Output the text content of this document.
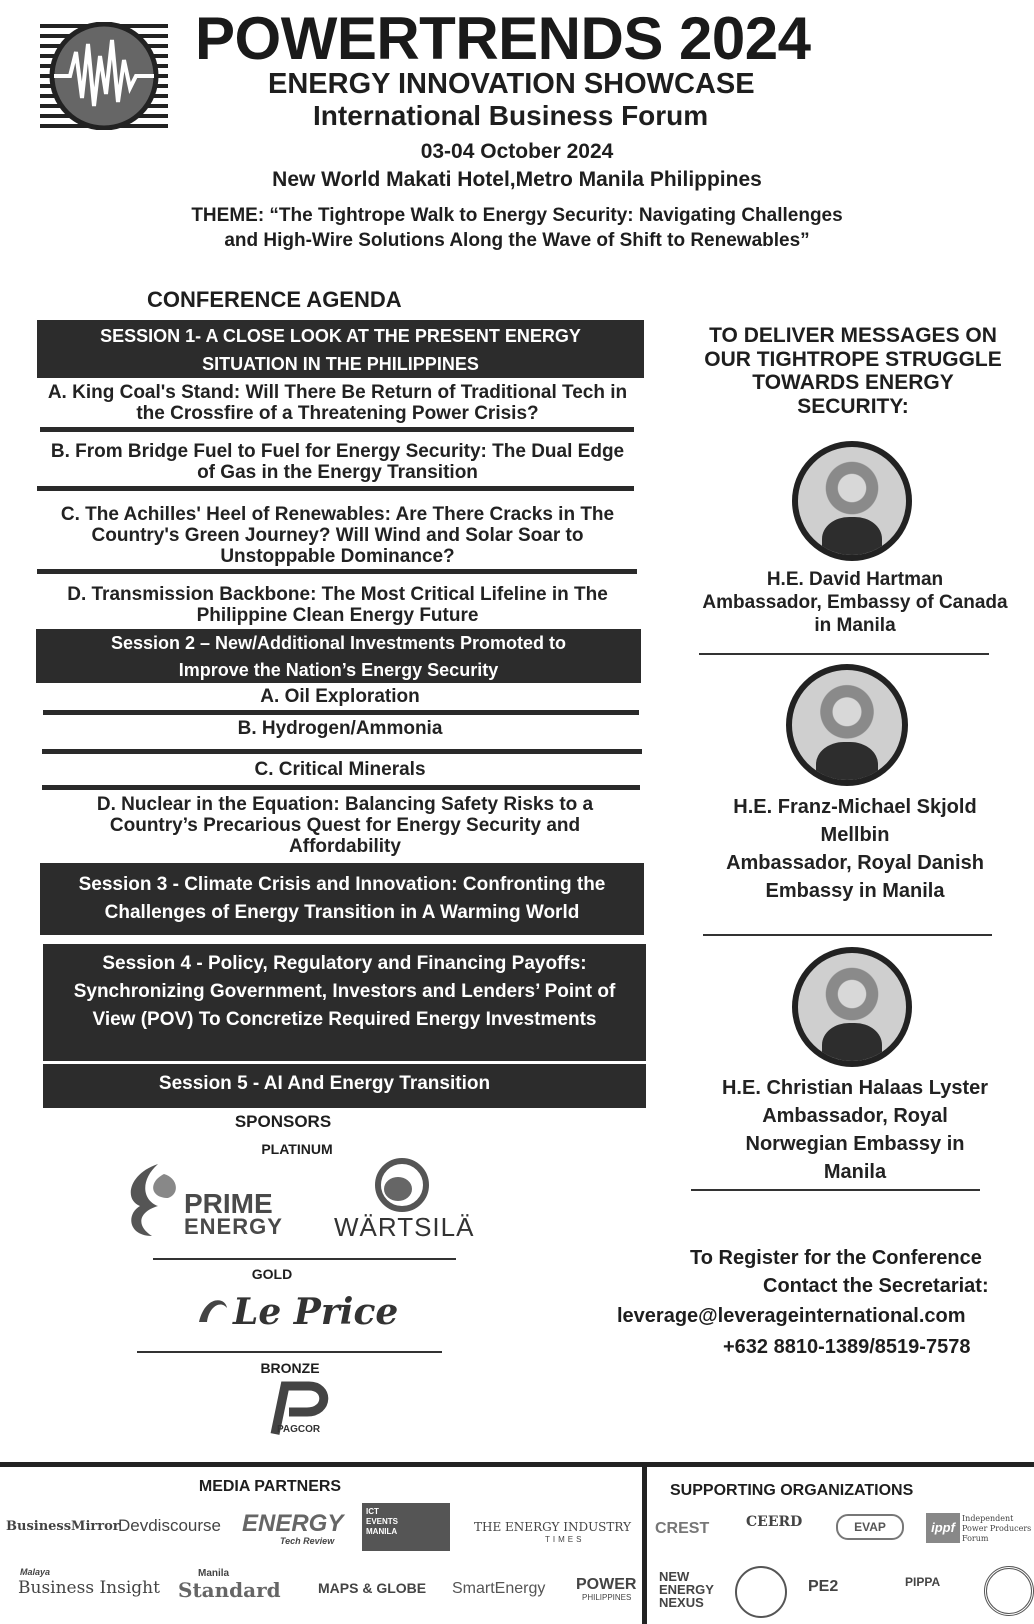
POWERTRENDS 2024
ENERGY INNOVATION SHOWCASE
International Business Forum
03-04 October 2024
New World Makati Hotel,Metro Manila Philippines
THEME: “The Tightrope Walk to Energy Security: Navigating Challenges
and High-Wire Solutions Along the Wave of Shift to Renewables”
CONFERENCE AGENDA
SESSION 1- A CLOSE LOOK AT THE PRESENT ENERGY SITUATION IN THE PHILIPPINES
A. King Coal's Stand: Will There Be Return of Traditional Tech in the Crossfire of a Threatening Power Crisis?
B. From Bridge Fuel to Fuel for Energy Security: The Dual Edge of Gas in the Energy Transition
C. The Achilles' Heel of Renewables: Are There Cracks in The Country's Green Journey? Will Wind and Solar Soar to Unstoppable Dominance?
D. Transmission Backbone: The Most Critical Lifeline in The Philippine Clean Energy Future
Session 2 – New/Additional Investments Promoted to Improve the Nation’s Energy Security
A. Oil Exploration
B. Hydrogen/Ammonia
C. Critical Minerals
D. Nuclear in the Equation: Balancing Safety Risks to a Country’s Precarious Quest for Energy Security and Affordability
Session 3 - Climate Crisis and Innovation: Confronting the Challenges of Energy Transition in A Warming World
Session 4 - Policy, Regulatory and Financing Payoffs: Synchronizing Government, Investors and Lenders’ Point of View (POV) To Concretize Required Energy Investments
Session 5 - AI And Energy Transition
SPONSORS
PLATINUM
PRIME
ENERGY WÄRTSILÄ
GOLD
Le Price
BRONZE
PAGCOR
TO DELIVER MESSAGES ON OUR TIGHTROPE STRUGGLE TOWARDS ENERGY SECURITY:
H.E. David Hartman
Ambassador, Embassy of Canada in Manila
H.E. Franz-Michael Skjold Mellbin
Ambassador, Royal Danish Embassy in Manila
H.E. Christian Halaas Lyster
Ambassador, Royal Norwegian Embassy in Manila
To Register for the Conference
Contact the Secretariat:
leverage@leverageinternational.com
+632 8810-1389/8519-7578
MEDIA PARTNERS
BusinessMirror
Devdiscourse ENERGY
Tech Review
ICT EVENTS MANILA	THE ENERGY INDUSTRY
TIMES
Malaya
Business Insight
Manila
Standard	MAPS & GLOBE SmartEnergy POWER
PHILIPPINES
SUPPORTING ORGANIZATIONS
CREST	CEERD	EVAP	ippf
Independent Power Producers Forum
NEW ENERGY NEXUS
PE2	PIPPA
